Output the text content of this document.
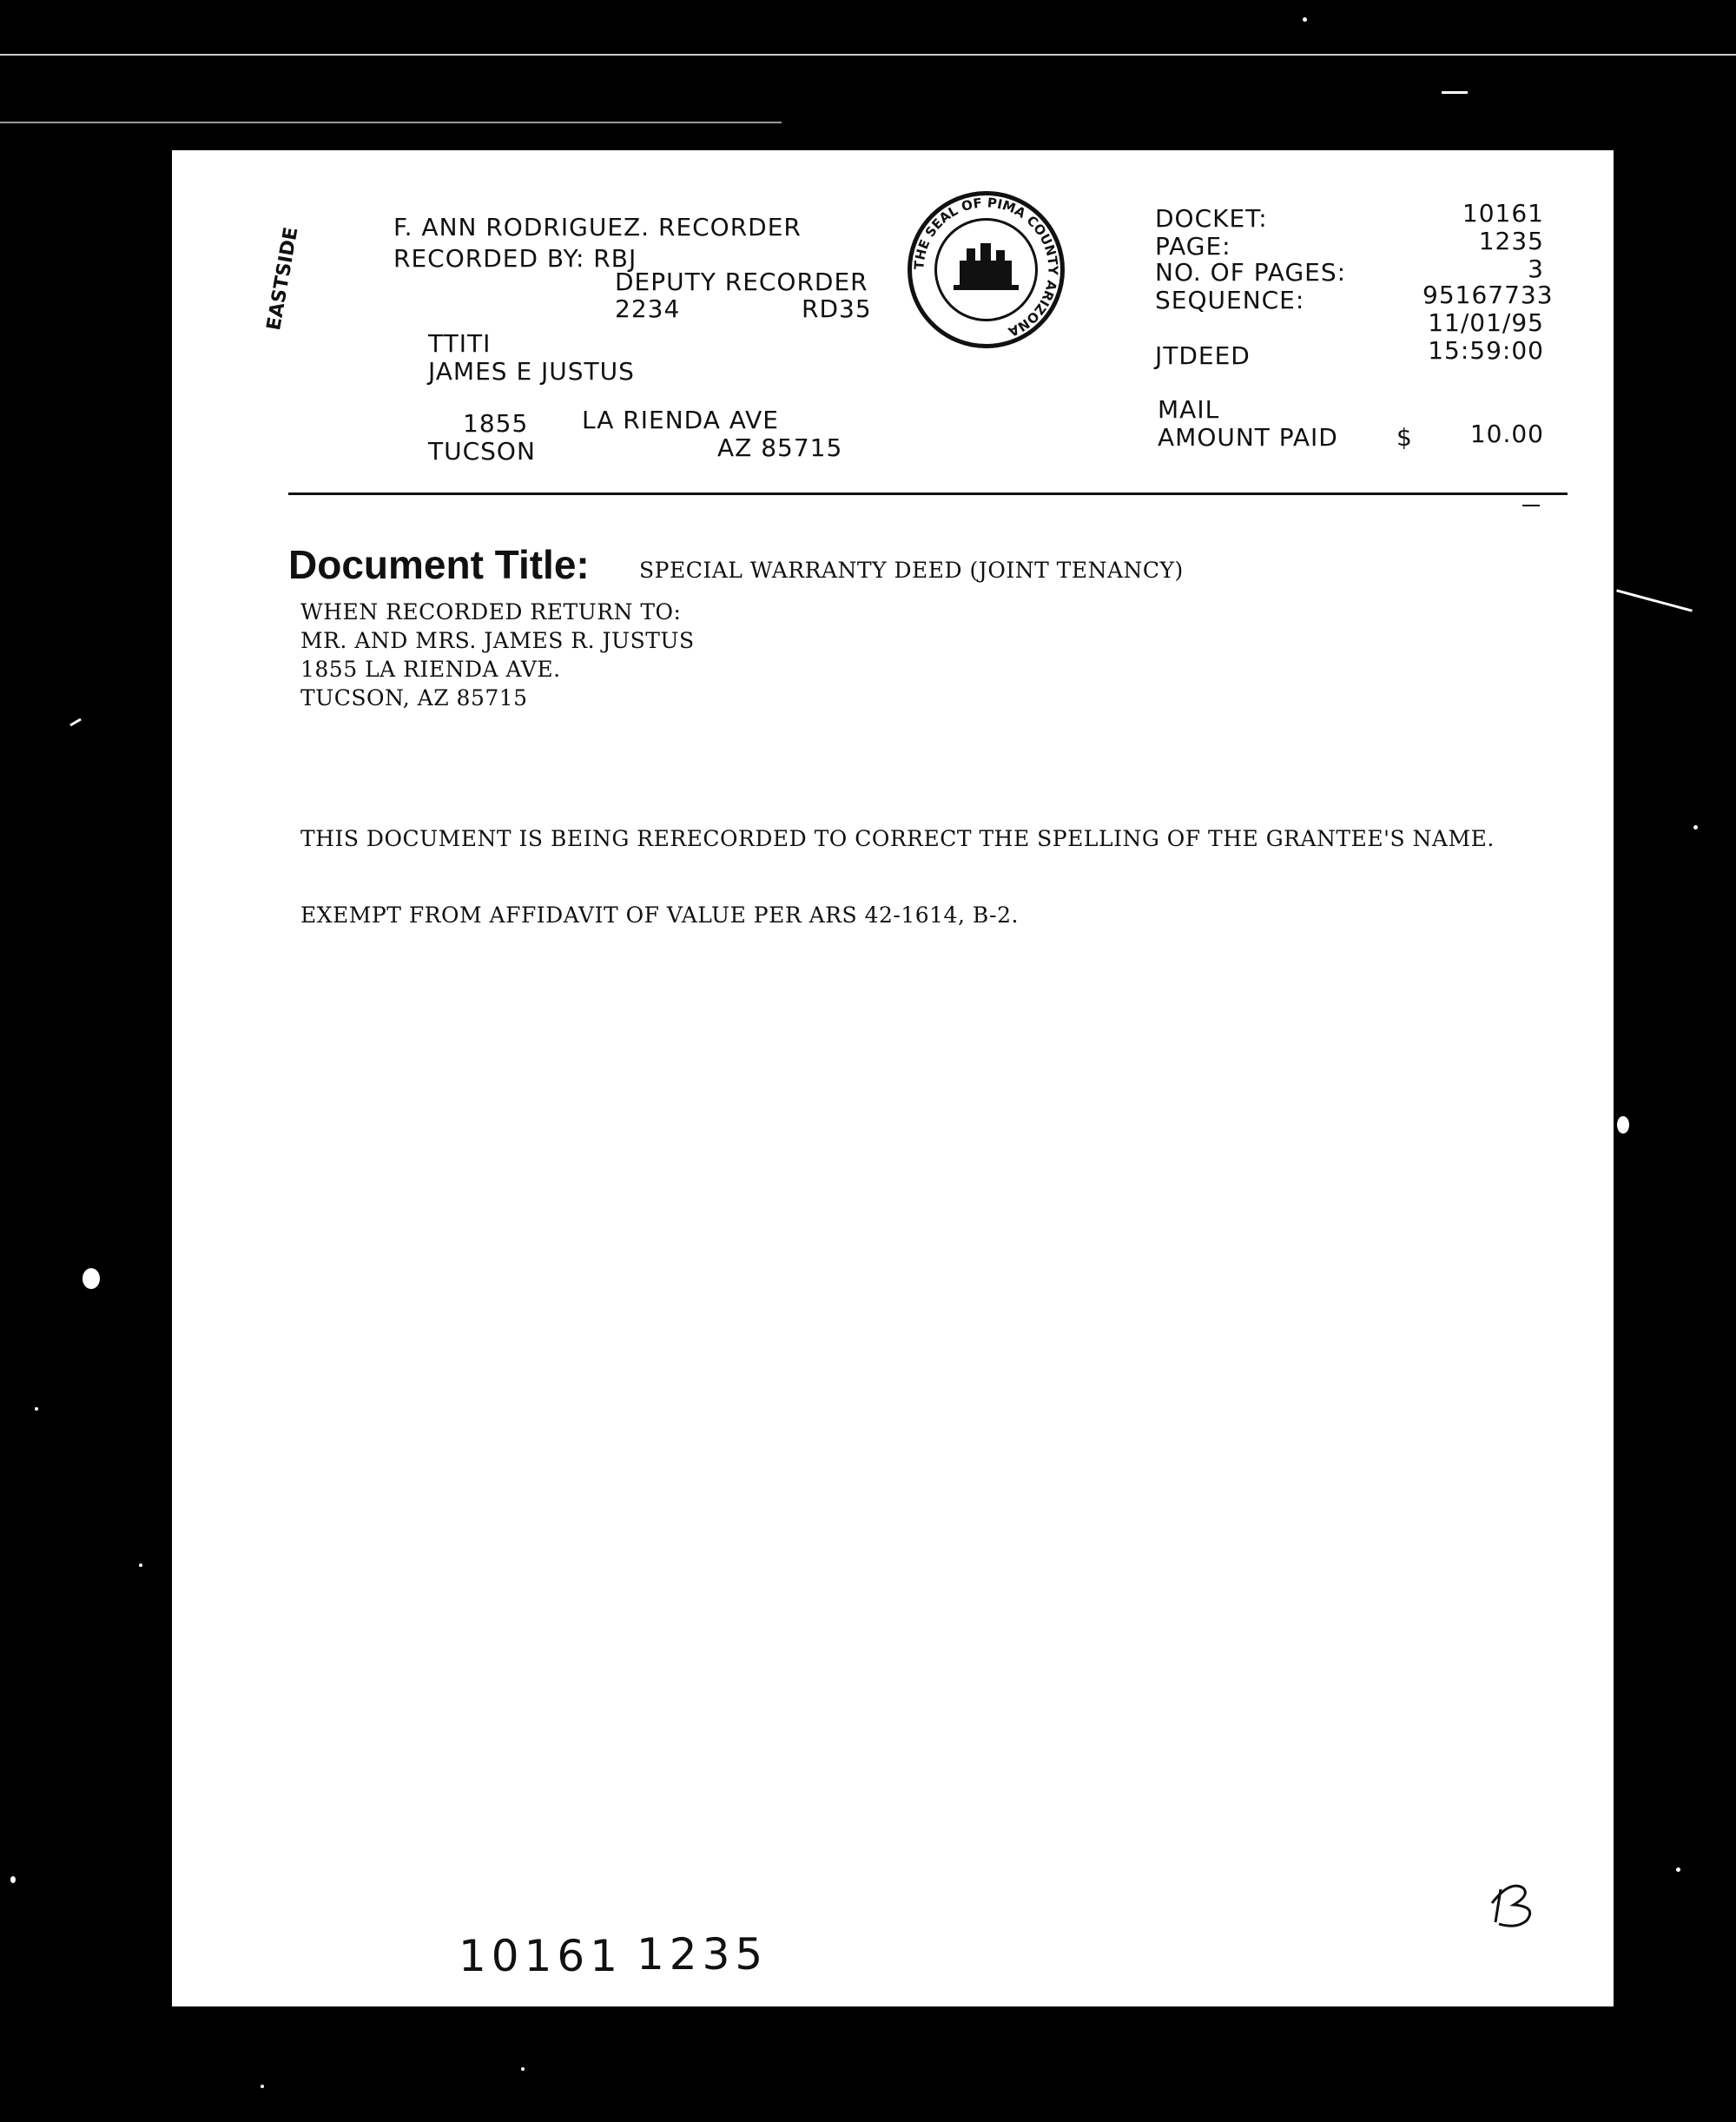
EASTSIDE	F. ANN RODRIGUEZ. RECORDER
RECORDED BY: RBJ
DEPUTY RECORDER
2234	RD35
TTITI
JAMES E JUSTUS
1855 LA RIENDA AVE
TUCSON	AZ 85715
THE SEAL OF PIMA COUNTY ARIZONA
DOCKET:	10161
PAGE:	1235
NO. OF PAGES:	3
SEQUENCE:	95167733
11/01/95
JTDEED	15:59:00
MAIL
AMOUNT PAID $	10.00
Document Title: SPECIAL WARRANTY DEED (JOINT TENANCY)
WHEN RECORDED RETURN TO:
MR. AND MRS. JAMES R. JUSTUS
1855 LA RIENDA AVE.
TUCSON, AZ 85715
THIS DOCUMENT IS BEING RERECORDED TO CORRECT THE SPELLING OF THE GRANTEE'S NAME.
EXEMPT FROM AFFIDAVIT OF VALUE PER ARS 42-1614, B-2.
10161 1235
